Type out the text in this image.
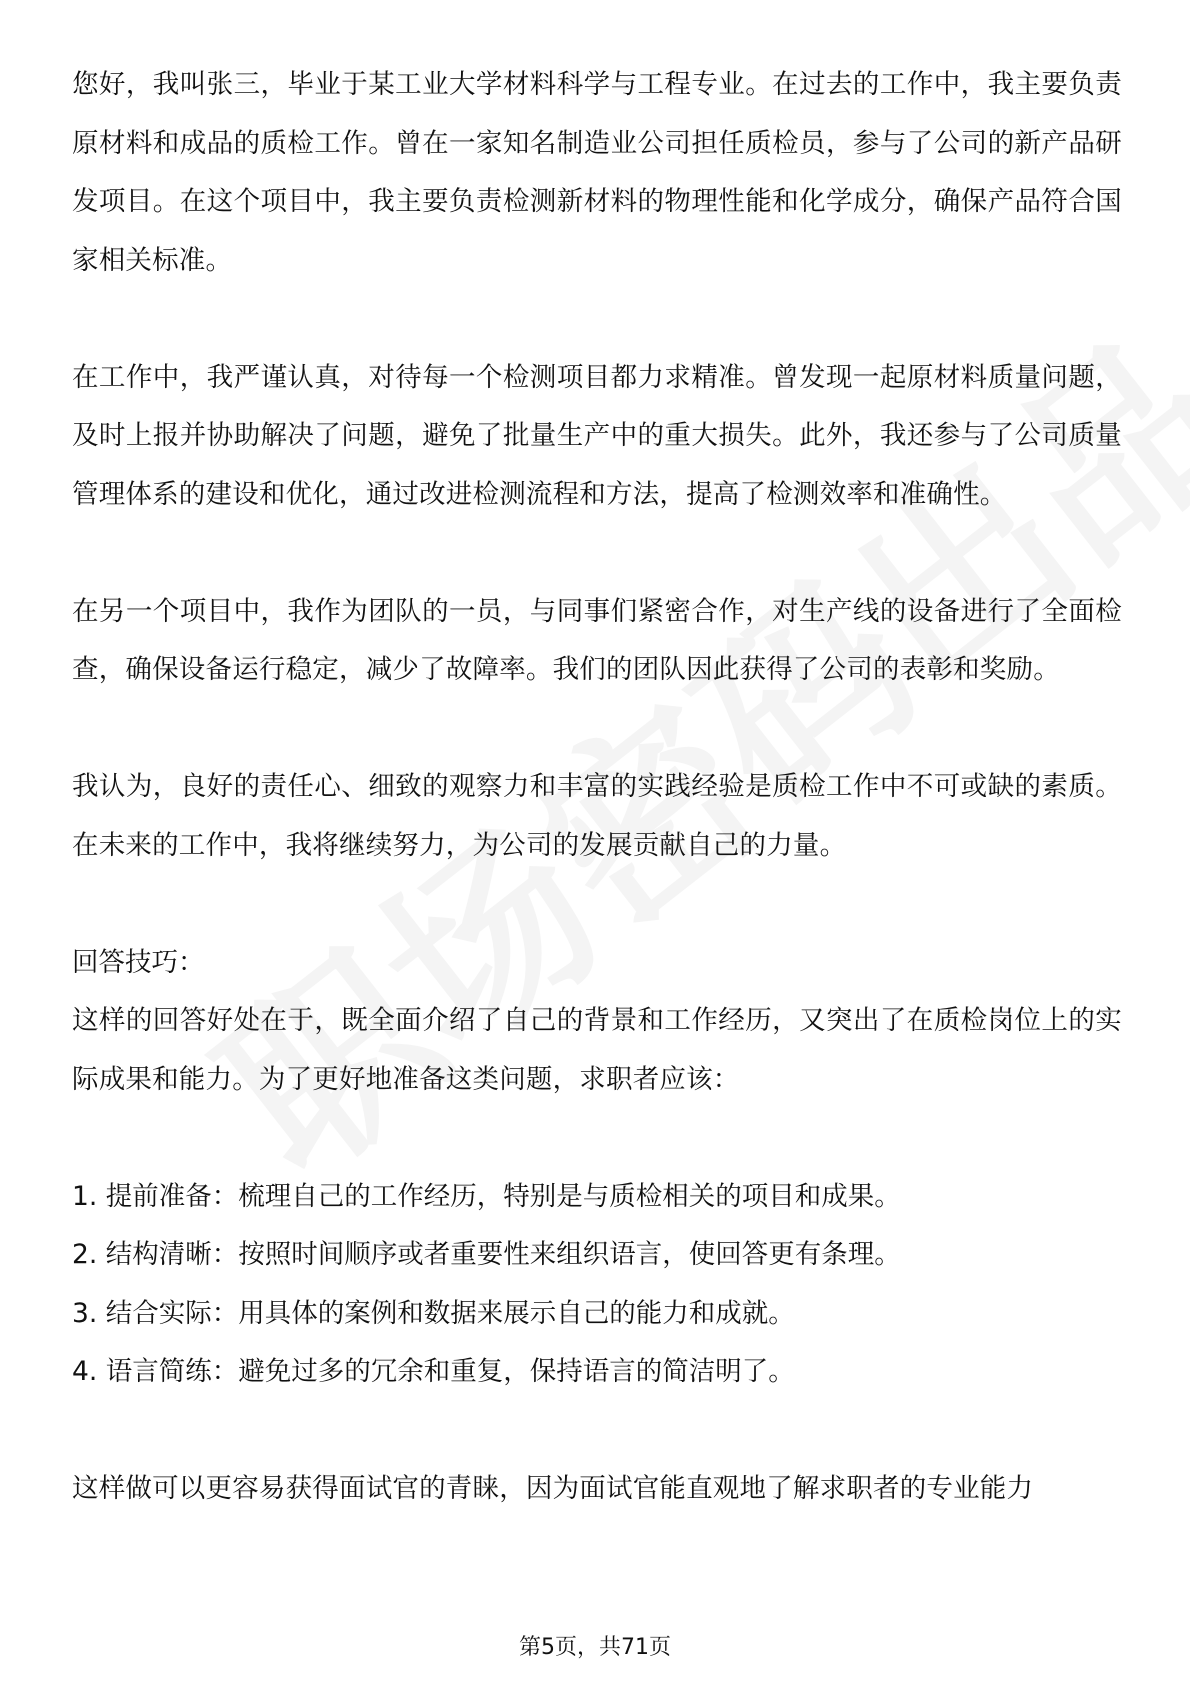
您好，我叫张三，毕业于某工业大学材料科学与工程专业。在过去的工作中，我主要负责原材料和成品的质检工作。曾在一家知名制造业公司担任质检员，参与了公司的新产品研发项目。在这个项目中，我主要负责检测新材料的物理性能和化学成分，确保产品符合国家相关标准。

在工作中，我严谨认真，对待每一个检测项目都力求精准。曾发现一起原材料质量问题，及时上报并协助解决了问题，避免了批量生产中的重大损失。此外，我还参与了公司质量管理体系的建设和优化，通过改进检测流程和方法，提高了检测效率和准确性。

在另一个项目中，我作为团队的一员，与同事们紧密合作，对生产线的设备进行了全面检查，确保设备运行稳定，减少了故障率。我们的团队因此获得了公司的表彰和奖励。

我认为，良好的责任心、细致的观察力和丰富的实践经验是质检工作中不可或缺的素质。在未来的工作中，我将继续努力，为公司的发展贡献自己的力量。

回答技巧：

这样的回答好处在于，既全面介绍了自己的背景和工作经历，又突出了在质检岗位上的实际成果和能力。为了更好地准备这类问题，求职者应该：

1. 提前准备：梳理自己的工作经历，特别是与质检相关的项目和成果。
2. 结构清晰：按照时间顺序或者重要性来组织语言，使回答更有条理。
3. 结合实际：用具体的案例和数据来展示自己的能力和成就。
4. 语言简练：避免过多的冗余和重复，保持语言的简洁明了。

这样做可以更容易获得面试官的青睐，因为面试官能直观地了解求职者的专业能力

第5页，共71页
